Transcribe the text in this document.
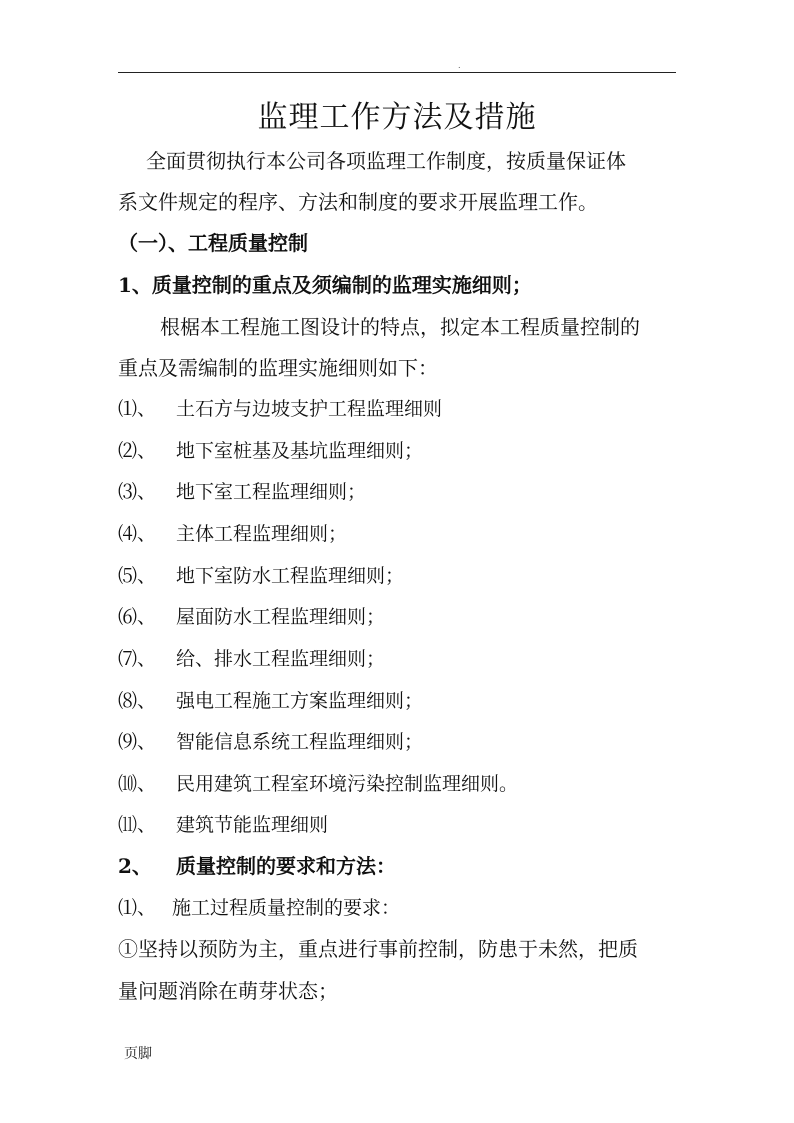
.
监理工作方法及措施
全面贯彻执行本公司各项监理工作制度，按质量保证体
系文件规定的程序、方法和制度的要求开展监理工作。
（一）、工程质量控制
1、质量控制的重点及须编制的监理实施细则；
根椐本工程施工图设计的特点，拟定本工程质量控制的
重点及需编制的监理实施细则如下：
⑴、 土石方与边坡支护工程监理细则
⑵、 地下室桩基及基坑监理细则；
⑶、 地下室工程监理细则；
⑷、 主体工程监理细则；
⑸、 地下室防水工程监理细则；
⑹、 屋面防水工程监理细则；
⑺、 给、排水工程监理细则；
⑻、 强电工程施工方案监理细则；
⑼、 智能信息系统工程监理细则；
⑽、 民用建筑工程室环境污染控制监理细则。
⑾、 建筑节能监理细则
2、 质量控制的要求和方法：
⑴、 施工过程质量控制的要求：
①坚持以预防为主，重点进行事前控制，防患于未然，把质
量问题消除在萌芽状态；
页脚
